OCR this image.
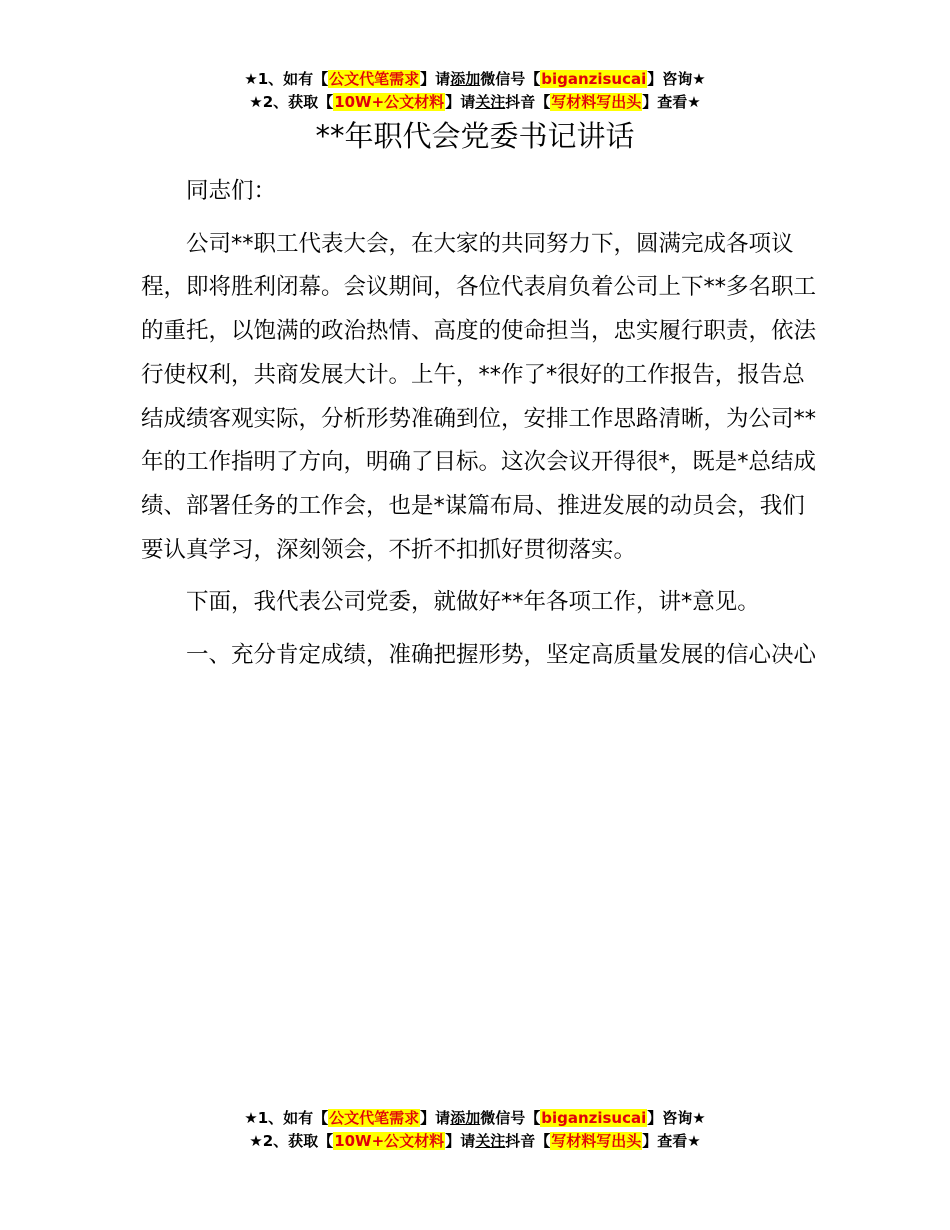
★1、如有【公文代笔需求】请添加微信号【biganzisucai】咨询★
★2、获取【10W+公文材料】请关注抖音【写材料写出头】查看★
**年职代会党委书记讲话

同志们：

公司**职工代表大会，在大家的共同努力下，圆满完成各项议程，即将胜利闭幕。会议期间，各位代表肩负着公司上下**多名职工的重托，以饱满的政治热情、高度的使命担当，忠实履行职责，依法行使权利，共商发展大计。上午，**作了*很好的工作报告，报告总结成绩客观实际，分析形势准确到位，安排工作思路清晰，为公司**年的工作指明了方向，明确了目标。这次会议开得很*，既是*总结成绩、部署任务的工作会，也是*谋篇布局、推进发展的动员会，我们要认真学习，深刻领会，不折不扣抓好贯彻落实。

下面，我代表公司党委，就做好**年各项工作，讲*意见。

一、充分肯定成绩，准确把握形势，坚定高质量发展的信心决心

★1、如有【公文代笔需求】请添加微信号【biganzisucai】咨询★
★2、获取【10W+公文材料】请关注抖音【写材料写出头】查看★
